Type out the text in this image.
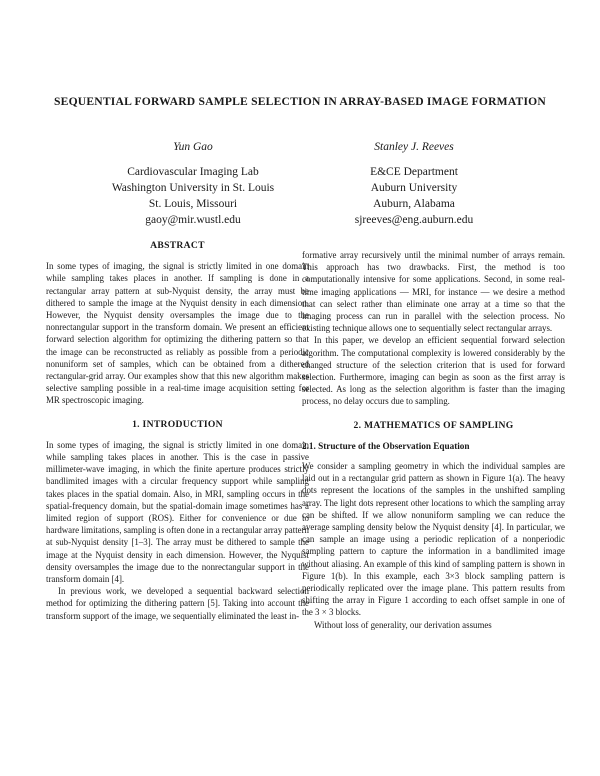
SEQUENTIAL FORWARD SAMPLE SELECTION IN ARRAY-BASED IMAGE FORMATION
Yun Gao
Cardiovascular Imaging Lab
Washington University in St. Louis
St. Louis, Missouri
gaoy@mir.wustl.edu
Stanley J. Reeves
E&CE Department
Auburn University
Auburn, Alabama
sjreeves@eng.auburn.edu
ABSTRACT

In some types of imaging, the signal is strictly limited in one domain while sampling takes places in another. If sampling is done in a rectangular array pattern at sub-Nyquist density, the array must be dithered to sample the image at the Nyquist density in each dimension. However, the Nyquist density oversamples the image due to the nonrectangular support in the transform domain. We present an efficient forward selection algorithm for optimizing the dithering pattern so that the image can be reconstructed as reliably as possible from a periodic nonuniform set of samples, which can be obtained from a dithered rectangular-grid array. Our examples show that this new algorithm makes selective sampling possible in a real-time image acquisition setting for MR spectroscopic imaging.

1. INTRODUCTION

In some types of imaging, the signal is strictly limited in one domain while sampling takes places in another. This is the case in passive millimeter-wave imaging, in which the finite aperture produces strictly bandlimited images with a circular frequency support while sampling takes places in the spatial domain. Also, in MRI, sampling occurs in the spatial-frequency domain, but the spatial-domain image sometimes has a limited region of support (ROS). Either for convenience or due to hardware limitations, sampling is often done in a rectangular array pattern at sub-Nyquist density [1–3]. The array must be dithered to sample the image at the Nyquist density in each dimension. However, the Nyquist density oversamples the image due to the nonrectangular support in the transform domain [4].

In previous work, we developed a sequential backward selection method for optimizing the dithering pattern [5]. Taking into account the transform support of the image, we sequentially eliminated the least in-

formative array recursively until the minimal number of arrays remain. This approach has two drawbacks. First, the method is too computationally intensive for some applications. Second, in some real-time imaging applications — MRI, for instance — we desire a method that can select rather than eliminate one array at a time so that the imaging process can run in parallel with the selection process. No existing technique allows one to sequentially select rectangular arrays.

In this paper, we develop an efficient sequential forward selection algorithm. The computational complexity is lowered considerably by the changed structure of the selection criterion that is used for forward selection. Furthermore, imaging can begin as soon as the first array is selected. As long as the selection algorithm is faster than the imaging process, no delay occurs due to sampling.

2. MATHEMATICS OF SAMPLING
2.1. Structure of the Observation Equation

We consider a sampling geometry in which the individual samples are laid out in a rectangular grid pattern as shown in Figure 1(a). The heavy dots represent the locations of the samples in the unshifted sampling array. The light dots represent other locations to which the sampling array can be shifted. If we allow nonuniform sampling we can reduce the average sampling density below the Nyquist density [4]. In particular, we can sample an image using a periodic replication of a nonperiodic sampling pattern to capture the information in a bandlimited image without aliasing. An example of this kind of sampling pattern is shown in Figure 1(b). In this example, each 3×3 block sampling pattern is periodically replicated over the image plane. This pattern results from shifting the array in Figure 1 according to each offset sample in one of the 3 × 3 blocks.

Without loss of generality, our derivation assumes
